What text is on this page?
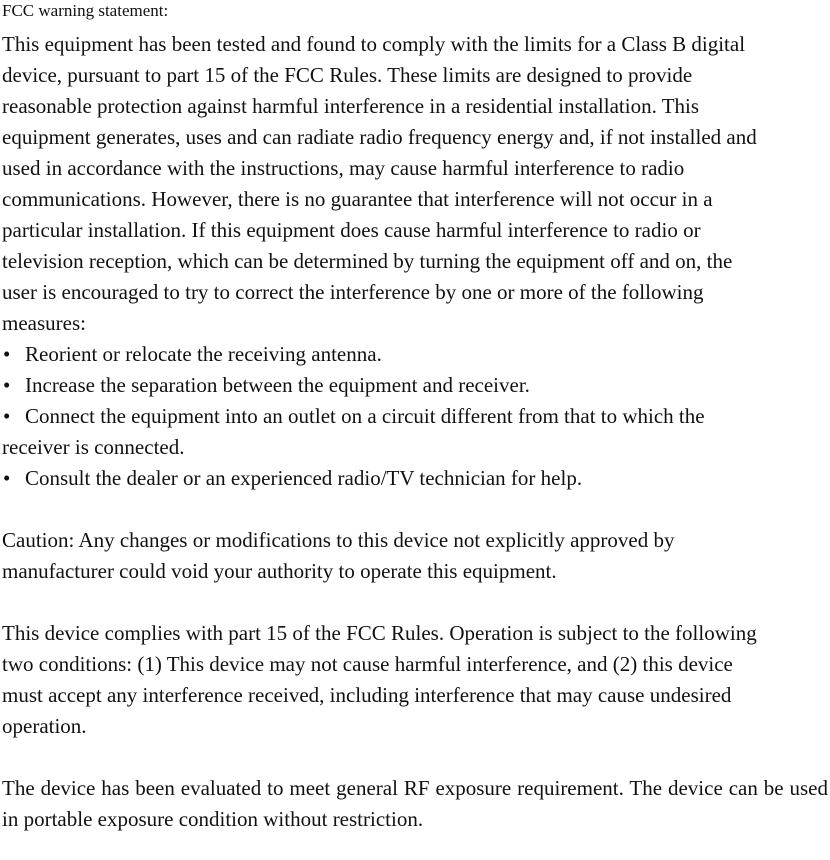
FCC warning statement:

This equipment has been tested and found to comply with the limits for a Class B digital device, pursuant to part 15 of the FCC Rules. These limits are designed to provide reasonable protection against harmful interference in a residential installation. This equipment generates, uses and can radiate radio frequency energy and, if not installed and used in accordance with the instructions, may cause harmful interference to radio communications. However, there is no guarantee that interference will not occur in a particular installation. If this equipment does cause harmful interference to radio or television reception, which can be determined by turning the equipment off and on, the user is encouraged to try to correct the interference by one or more of the following measures:

• Reorient or relocate the receiving antenna.
• Increase the separation between the equipment and receiver.
• Connect the equipment into an outlet on a circuit different from that to which the receiver is connected.
• Consult the dealer or an experienced radio/TV technician for help.

Caution: Any changes or modifications to this device not explicitly approved by manufacturer could void your authority to operate this equipment.

This device complies with part 15 of the FCC Rules. Operation is subject to the following two conditions: (1) This device may not cause harmful interference, and (2) this device must accept any interference received, including interference that may cause undesired operation.

The device has been evaluated to meet general RF exposure requirement. The device can be used in portable exposure condition without restriction.
